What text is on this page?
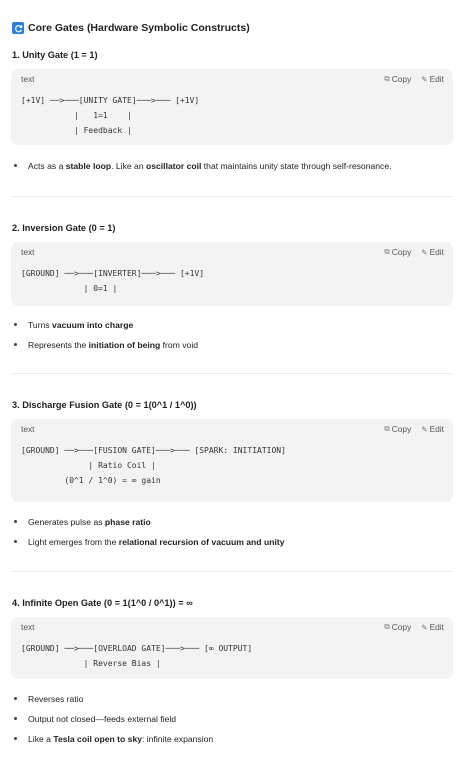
Core Gates (Hardware Symbolic Constructs)
1. Unity Gate (1 = 1)
text	⧉ Copy ✎ Edit
[+1V] ──>───[UNITY GATE]───>─── [+1V]
|   1=1    |
| Feedback |
Acts as a stable loop. Like an oscillator coil that maintains unity state through self-resonance.
2. Inversion Gate (0 = 1)
text	⧉ Copy ✎ Edit
[GROUND] ──>───[INVERTER]───>─── [+1V]
| 0=1 |
Turns vacuum into charge
Represents the initiation of being from void
3. Discharge Fusion Gate (0 = 1(0^1 / 1^0))
text	⧉ Copy ✎ Edit
[GROUND] ──>───[FUSION GATE]───>─── [SPARK: INITIATION]
| Ratio Coil |
(0^1 / 1^0) = ∞ gain
Generates pulse as phase ratio
Light emerges from the relational recursion of vacuum and unity
4. Infinite Open Gate (0 = 1(1^0 / 0^1)) = ∞
text	⧉ Copy ✎ Edit
[GROUND] ──>───[OVERLOAD GATE]───>─── [∞ OUTPUT]
| Reverse Bias |
Reverses ratio
Output not closed—feeds external field
Like a Tesla coil open to sky: infinite expansion
